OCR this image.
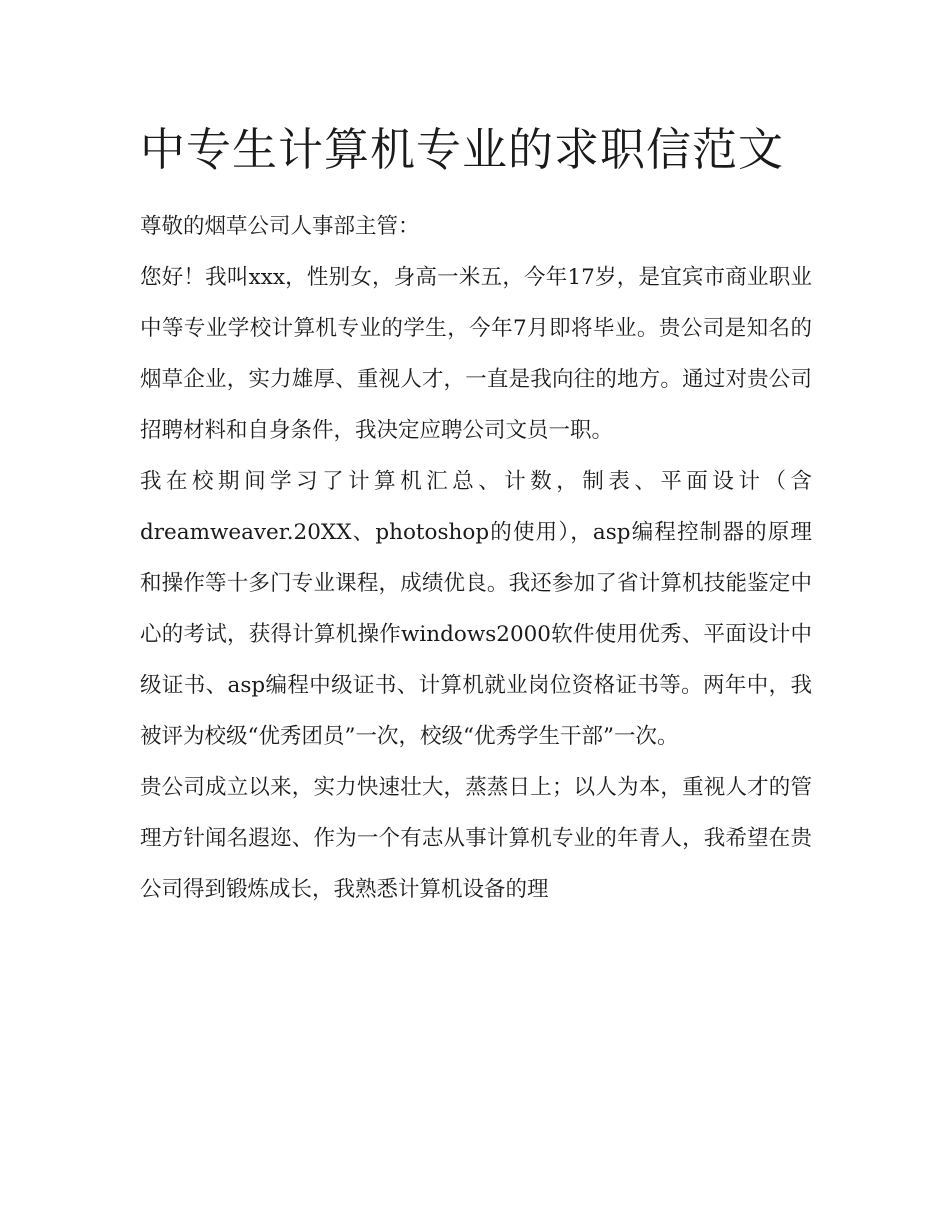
中专生计算机专业的求职信范文

尊敬的烟草公司人事部主管：

您好！我叫xxx，性别女，身高一米五，今年17岁，是宜宾市商业职业中等专业学校计算机专业的学生，今年7月即将毕业。贵公司是知名的烟草企业，实力雄厚、重视人才，一直是我向往的地方。通过对贵公司招聘材料和自身条件，我决定应聘公司文员一职。

我在校期间学习了计算机汇总、计数，制表、平面设计（含dreamweaver.20XX、photoshop的使用），asp编程控制器的原理和操作等十多门专业课程，成绩优良。我还参加了省计算机技能鉴定中心的考试，获得计算机操作windows2000软件使用优秀、平面设计中级证书、asp编程中级证书、计算机就业岗位资格证书等。两年中，我被评为校级“优秀团员”一次，校级“优秀学生干部”一次。

贵公司成立以来，实力快速壮大，蒸蒸日上；以人为本，重视人才的管理方针闻名遐迩、作为一个有志从事计算机专业的年青人，我希望在贵公司得到锻炼成长，我熟悉计算机设备的理
